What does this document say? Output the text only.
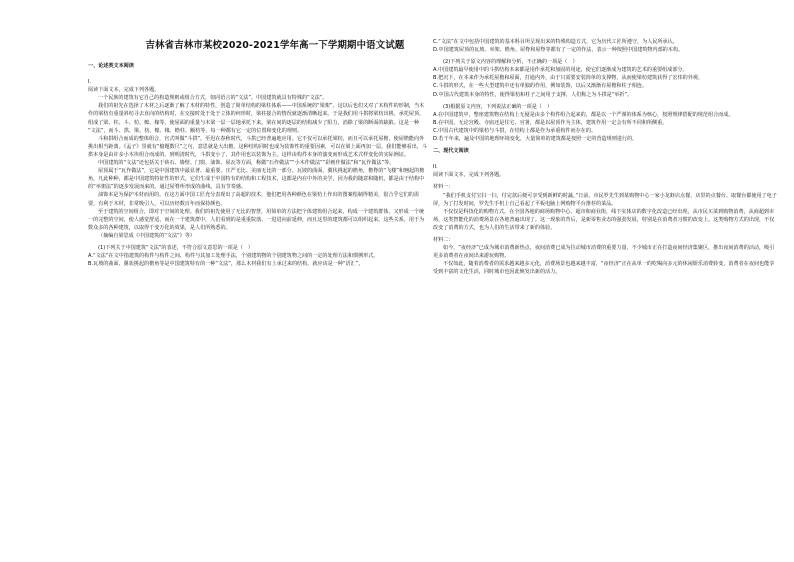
吉林省吉林市某校2020-2021学年高一下学期期中语文试题
一、论述类文本阅读

I.

阅读下面文本，完成下列各题。

一个民族的建筑有它自己的构造规则或组合方式，如同语言的“文法”。中国建筑就具有特殊的“文法”。

我们的祖先在选择了木材之后逐渐了解了木材的特性，创造了简单结构的梁柱体系——中国系统的“梁架”，这以后也们又对了木构件的形制，当木作的梁枋有重量斜枋寻去直向的结构时，在交接时处于处于立体的何形时，梁柱接合的情况就逐渐清晰起来。于是我们用斗拱将梁枋出挑，承托屋顶，组成了梁、柱、斗、枋、檩、椽等。使屋面的重量与木梁一层一层地承托下来。梁在间的逐层的结构减少了阻力，消除了梁的断面的缺陷。这是一种

“文法”，而斗、拱、梁、枋、檩、椽、檐柱、额枋等，每一种都有它一定的位置和变化的规则。

斗和拱组合而成的整体组合，官式叫做“斗拱”。至迟在春秋时代，斗拱已经普遍地应用。它不仅可以承托梁枋，而且可以承托屋檐，使屋檐能向外挑出相当距离。《孟子》里就有“榱题数尺”之句，意思就是大出檐。这种结构同时也成为装饰性的重要因素，可以在梁上面再加一层。我们能够看出，斗拱本身是由许多小木块组合而成的。到明清时代，斗拱变小了，其作用也以装饰为主。这样由构件本身的演变而形成艺术式样变化的实际例证。

中国建筑的“文法”还包括关于砖石、墙壁、门窗、油饰、屋瓦等方面，称做“石作做法”“小木作做法”“彩画作做法”和“瓦作做法”等。

屋顶属于“瓦作做法”，它是中国建筑中最显著、最重要、庄严无比、美丽无比的一部分。瓦坡的曲面，翼状挑起的檐角，檐脊的“飞楼”和翘起的檐角，凡此种种，都是中国建筑特征性的形式。它们生成于中国特有的结构和工程技术，这都是内在中外的美学，因为我的随意和随机，都是由于结构中的“举架法”的逐步发展而来的。通过屋脊所形成的曲线，具有节奏感。

油饰本是为保护木材而用的。在这方面中国工匠充分表现出了高超的技术。他们把用各种颜色在梁枋上作出的图案绘制得精美，很合乎它们的需要，有利于木材，非常吸引人，可以历经数百年而保持颜色。

至于建筑的空间组合，即对于空间的处理。我们的祖先使用了无比的智慧，用简单的方法把个体建筑组合起来，构成一个建筑群体，又形成一个统一的完整的空间，使人感觉舒适，而在一个建筑群中，人们看到的是重重院落，一进进向前延伸，而且这里的建筑都可以组织起来。这些关系，用于为数众多的各种建筑，以取得千变万化的效果，是人们所熟悉的。

（摘编自梁思成《中国建筑的“文法”》等）

(1)下列关于中国建筑“文法”的表述，不符合原文意思的一项是（　）

A.“文法”在文中指建筑的构件与构件之间、构件与其加工处理手法，个别建筑物的个别建筑物之间的一定的处理方法和惯例形式。

B.瓦坡的曲面、翼状挑起的檐角等是中国建筑特有的一种“文法”，那么木材我们有上承过来的结构，就应该是一种“语汇”。

C.“文法”在文中包括中国建筑的基本科目所呈现出来的特殊构造方式，它为历代工匠所遵守，为人民所承认。

D.中国建筑屋顶的瓦坡、举架、檐角、屋脊和屋脊等都有了一定的作法，表示一种按照中国建筑物内部的木构。

(2)下列关于原文内容的理解和分析，不正确的一项是（　）

A.中国建筑最早使用中的斗拱结构本来都是用作承托和加固的用途，使它们逐渐成为建筑的艺术的重要组成部分。

B.把沉下，在本来作为承托屋檐和屋面，打通内外，由于只需要安装简单的支撑物，从而使梁枋建筑获得了宏伟的外观。

C.斗拱的形式，在一些大型建筑中还有单独的作用，例如装饰，以后又渐渐有屋檐和柱子相连。

D.中国古代建筑本身的特性，使得梁枋和柱子之间用于支撑，人们称之为斗拱是“举折”。

(3)根据原文内容，下列说法正确的一项是（　）

A.在中国建筑中，整座建筑物在结构上无疑是由多个构件组合起来的，都是以一个严谨的体系为核心，按照规律搭配的规范组合而成。

B.在中国，无论宫殿、寺庙还是住宅、官署，都是以屋顶作为主体，建筑作用一定会有所不同和所侧重。

C.中国古代建筑中的梁枋与斗拱，在结构上都是作为承重构件而存在的。

D.若干年来，遍及中国的地理环境变化，大量简单的建筑都是按照一定的营造规则进行的。

二、现代文阅读

II.

阅读下面文本，完成下列各题。

材料一：

“我们手机支付宝扫一扫，付完款后便可享受到新鲜的时蔬。”日前，市民罗先生到某购物中心一家小龙虾店点餐，店里的点餐台、取餐台都使用了电子屏，为了打发时间，罗先生手机上自己看起了平板电脑上网购物平台推荐的菜品。

不仅仅是科技化的购物方式，在全国各地的商场购物中心、超市和商业街，线下实体店的数字化改造已经出现，从市民买菜到购物消费，从商超到市场，这类智能化的消费场景在各地普遍出现了。这一现象的背后，是新零售业态的强劲发展，特别是在消费者习惯的改变上。这类购物方式的出现，不仅改变了消费的方式，也为人们的生活带来了新的体验。

材料二：

如今，“夜经济”已成为城市消费新热点，夜间消费已成为拉动城市消费的重要力量，不少城市正在打造夜间经济集聚区，推出夜间消费的活动，吸引更多消费者在夜间出来游玩购物。

不仅如此，随着消费者的需求越来越多元化，消费场景也越来越丰富，“夜经济”正在从单一的吃喝向多元的休闲娱乐消费转变，消费者在夜间也能享受到丰富的文化生活，同时城市也因此焕发出新的活力。
